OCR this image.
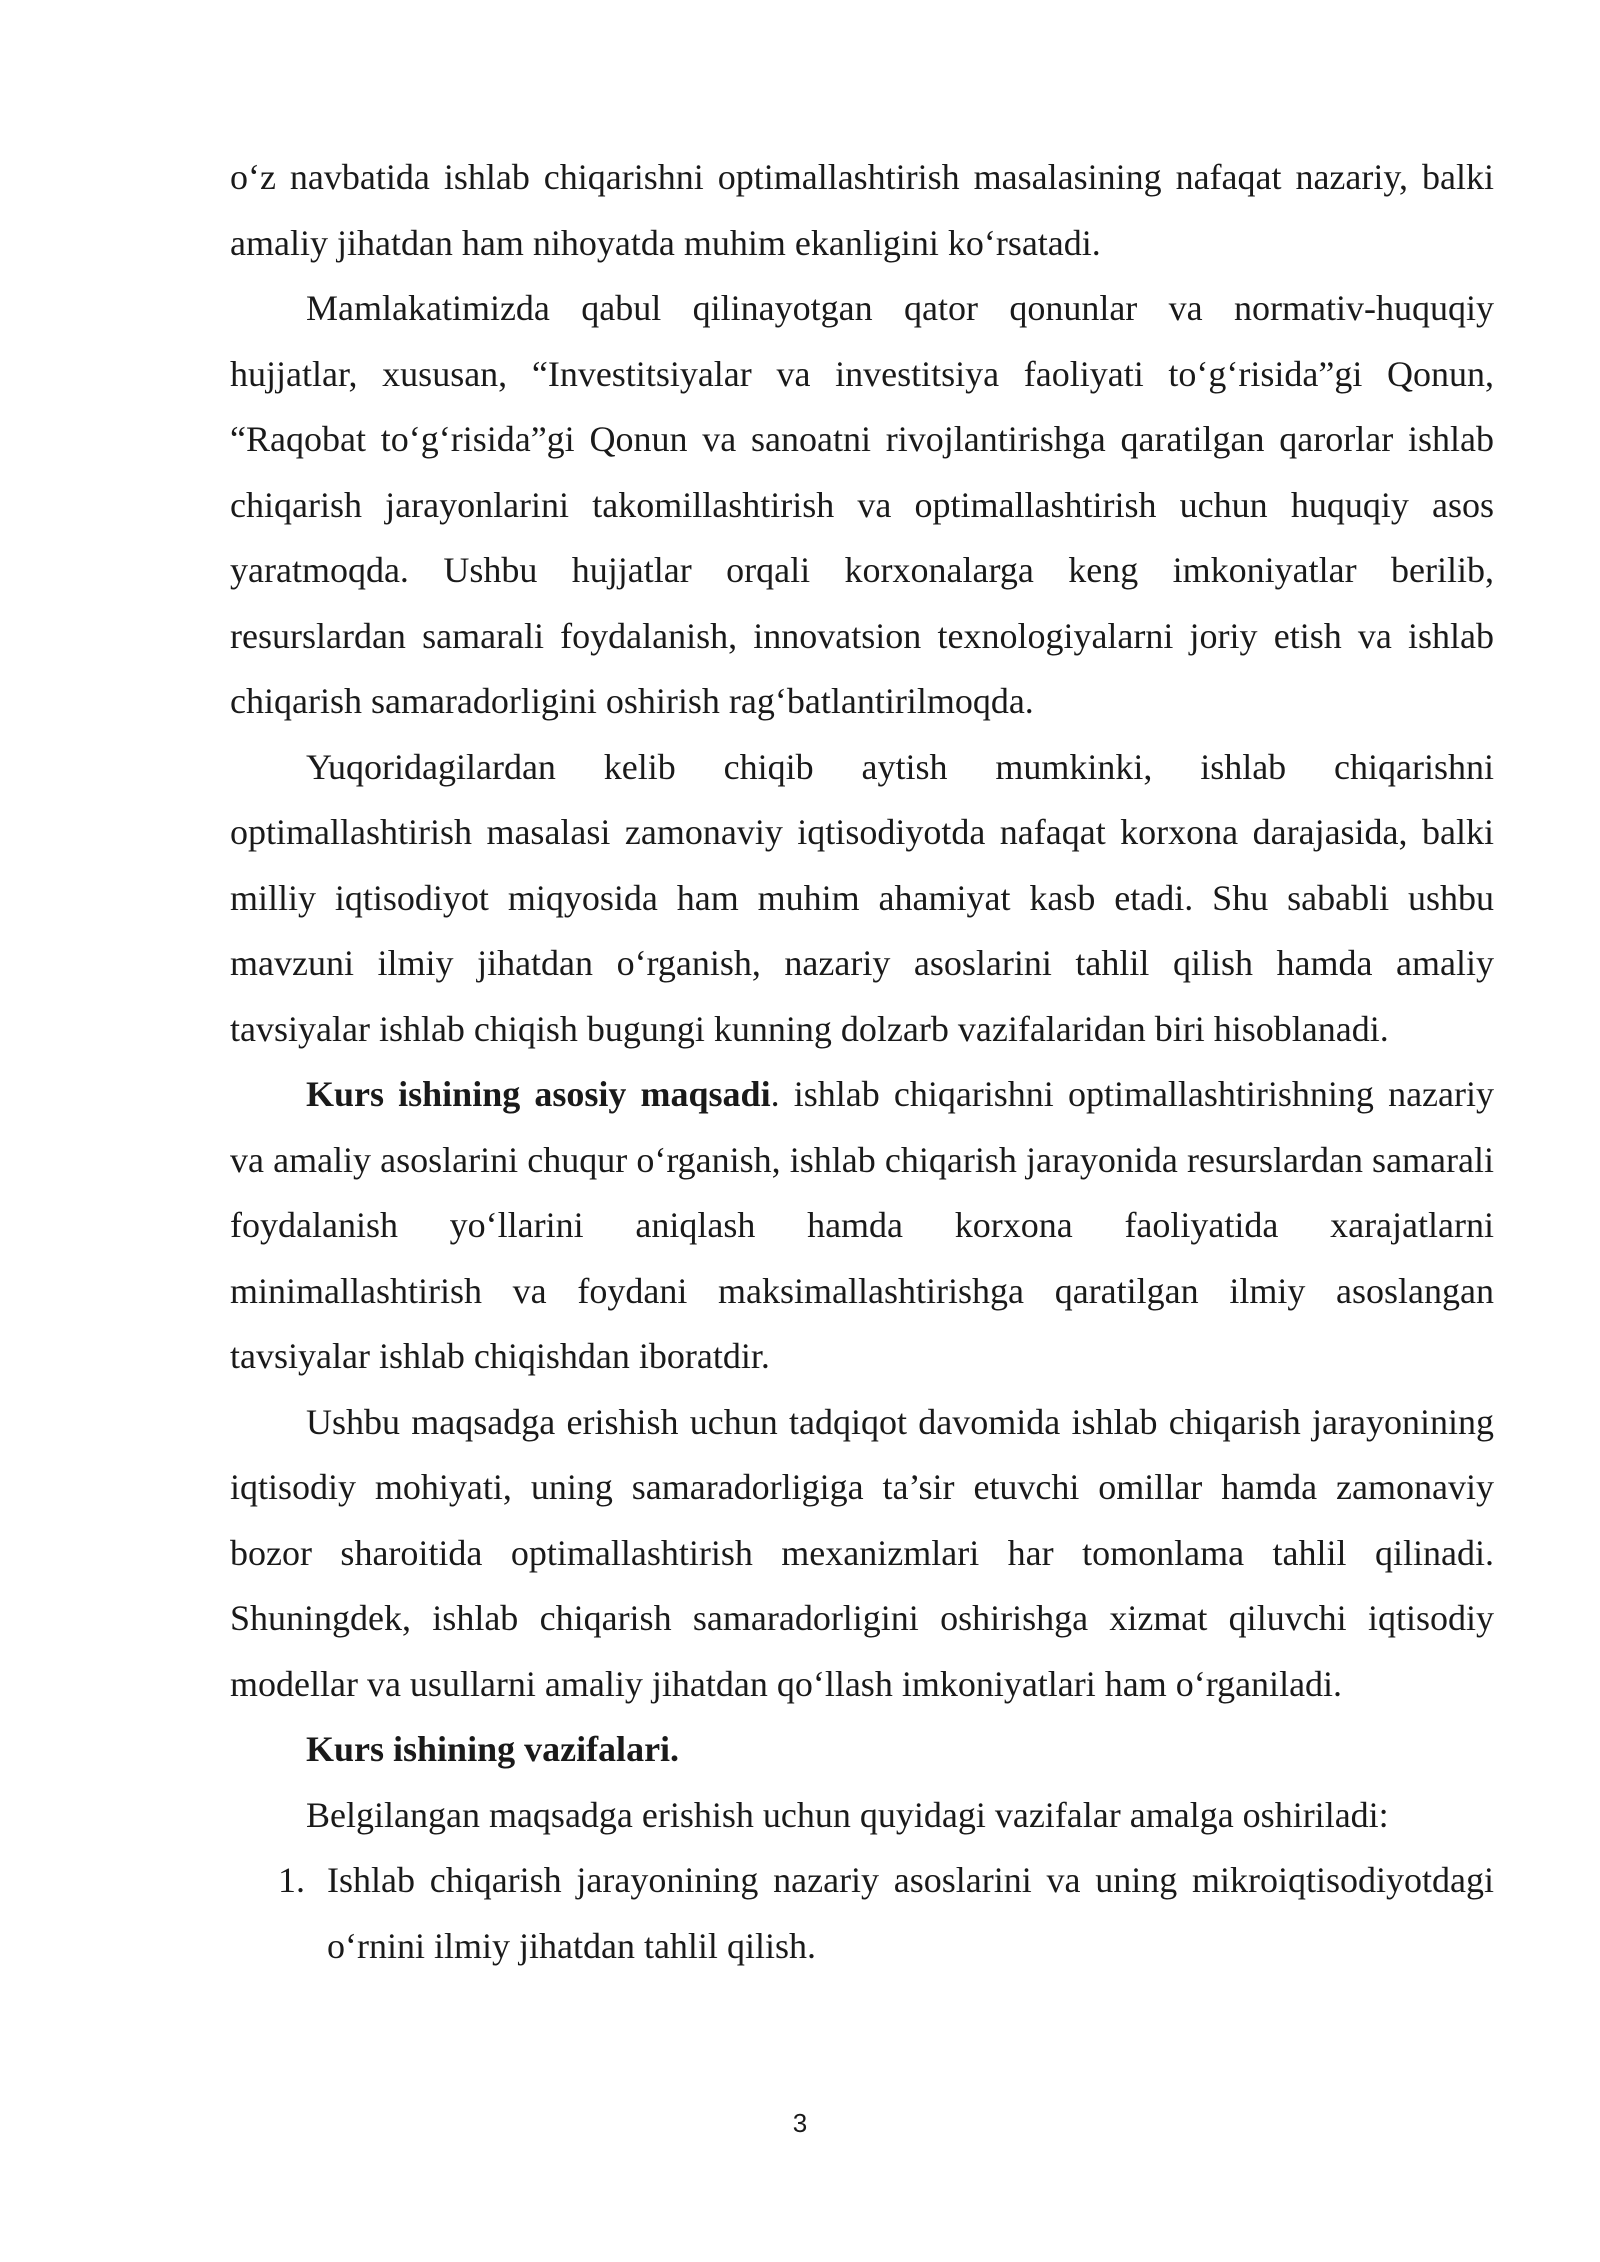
o‘z navbatida ishlab chiqarishni optimallashtirish masalasining nafaqat nazariy, balki amaliy jihatdan ham nihoyatda muhim ekanligini ko‘rsatadi.

Mamlakatimizda qabul qilinayotgan qator qonunlar va normativ-huquqiy hujjatlar, xususan, “Investitsiyalar va investitsiya faoliyati to‘g‘risida”gi Qonun, “Raqobat to‘g‘risida”gi Qonun va sanoatni rivojlantirishga qaratilgan qarorlar ishlab chiqarish jarayonlarini takomillashtirish va optimallashtirish uchun huquqiy asos yaratmoqda. Ushbu hujjatlar orqali korxonalarga keng imkoniyatlar berilib, resurslardan samarali foydalanish, innovatsion texnologiyalarni joriy etish va ishlab chiqarish samaradorligini oshirish rag‘batlantirilmoqda.

Yuqoridagilardan kelib chiqib aytish mumkinki, ishlab chiqarishni optimallashtirish masalasi zamonaviy iqtisodiyotda nafaqat korxona darajasida, balki milliy iqtisodiyot miqyosida ham muhim ahamiyat kasb etadi. Shu sababli ushbu mavzuni ilmiy jihatdan o‘rganish, nazariy asoslarini tahlil qilish hamda amaliy tavsiyalar ishlab chiqish bugungi kunning dolzarb vazifalaridan biri hisoblanadi.

Kurs ishining asosiy maqsadi. ishlab chiqarishni optimallashtirishning nazariy va amaliy asoslarini chuqur o‘rganish, ishlab chiqarish jarayonida resurslardan samarali foydalanish yo‘llarini aniqlash hamda korxona faoliyatida xarajatlarni minimallashtirish va foydani maksimallashtirishga qaratilgan ilmiy asoslangan tavsiyalar ishlab chiqishdan iboratdir.

Ushbu maqsadga erishish uchun tadqiqot davomida ishlab chiqarish jarayonining iqtisodiy mohiyati, uning samaradorligiga ta’sir etuvchi omillar hamda zamonaviy bozor sharoitida optimallashtirish mexanizmlari har tomonlama tahlil qilinadi. Shuningdek, ishlab chiqarish samaradorligini oshirishga xizmat qiluvchi iqtisodiy modellar va usullarni amaliy jihatdan qo‘llash imkoniyatlari ham o‘rganiladi.

Kurs ishining vazifalari.

Belgilangan maqsadga erishish uchun quyidagi vazifalar amalga oshiriladi:

1. Ishlab chiqarish jarayonining nazariy asoslarini va uning mikroiqtisodiyotdagi o‘rnini ilmiy jihatdan tahlil qilish.
3
